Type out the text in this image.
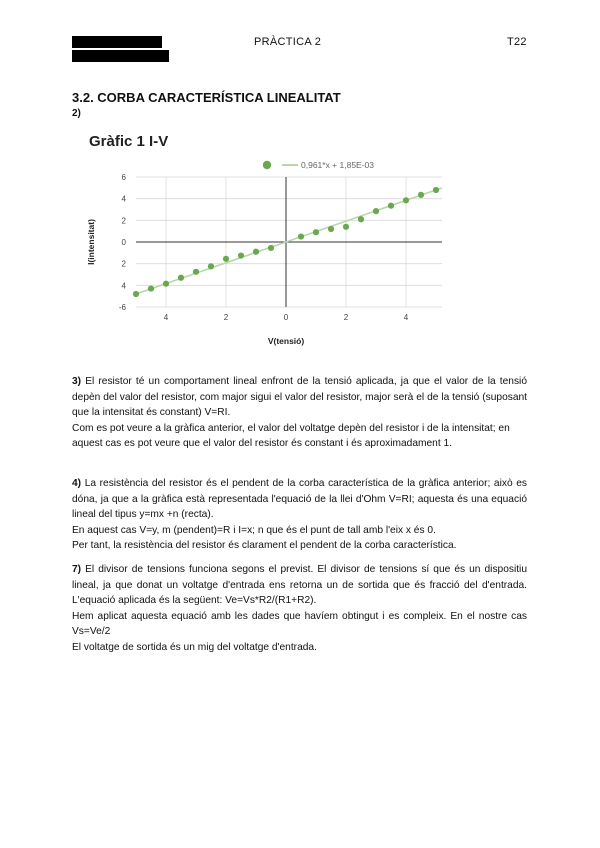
PRÀCTICA 2	T22
3.2. CORBA CARACTERÍSTICA LINEALITAT
2)
Gràfic 1 I-V
6
4
2
0
2
4
-6
4	2	0	2	4
0,961*x + 1,85E-03
V(tensió)
I(intensitat)

3) El resistor té un comportament lineal enfront de la tensió aplicada, ja que el valor de la tensió depèn del valor del resistor, com major sigui el valor del resistor, major serà el de la tensió (suposant que la intensitat és constant) V=RI.

Com es pot veure a la gràfica anterior, el valor del voltatge depèn del resistor i de la intensitat; en aquest cas es pot veure que el valor del resistor és constant i és aproximadament 1.

4) La resistència del resistor és el pendent de la corba característica de la gràfica anterior; això es dóna, ja que a la gràfica està representada l'equació de la llei d'Ohm V=RI; aquesta és una equació lineal del tipus y=mx +n (recta).

En aquest cas V=y, m (pendent)=R i I=x; n que és el punt de tall amb l'eix x és 0.

Per tant, la resistència del resistor és clarament el pendent de la corba característica.

7) El divisor de tensions funciona segons el previst. El divisor de tensions sí que és un dispositiu lineal, ja que donat un voltatge d'entrada ens retorna un de sortida que és fracció del d'entrada. L'equació aplicada és la següent: Ve=Vs*R2/(R1+R2).

Hem aplicat aquesta equació amb les dades que havíem obtingut i es compleix. En el nostre cas Vs=Ve/2

El voltatge de sortida és un mig del voltatge d'entrada.
